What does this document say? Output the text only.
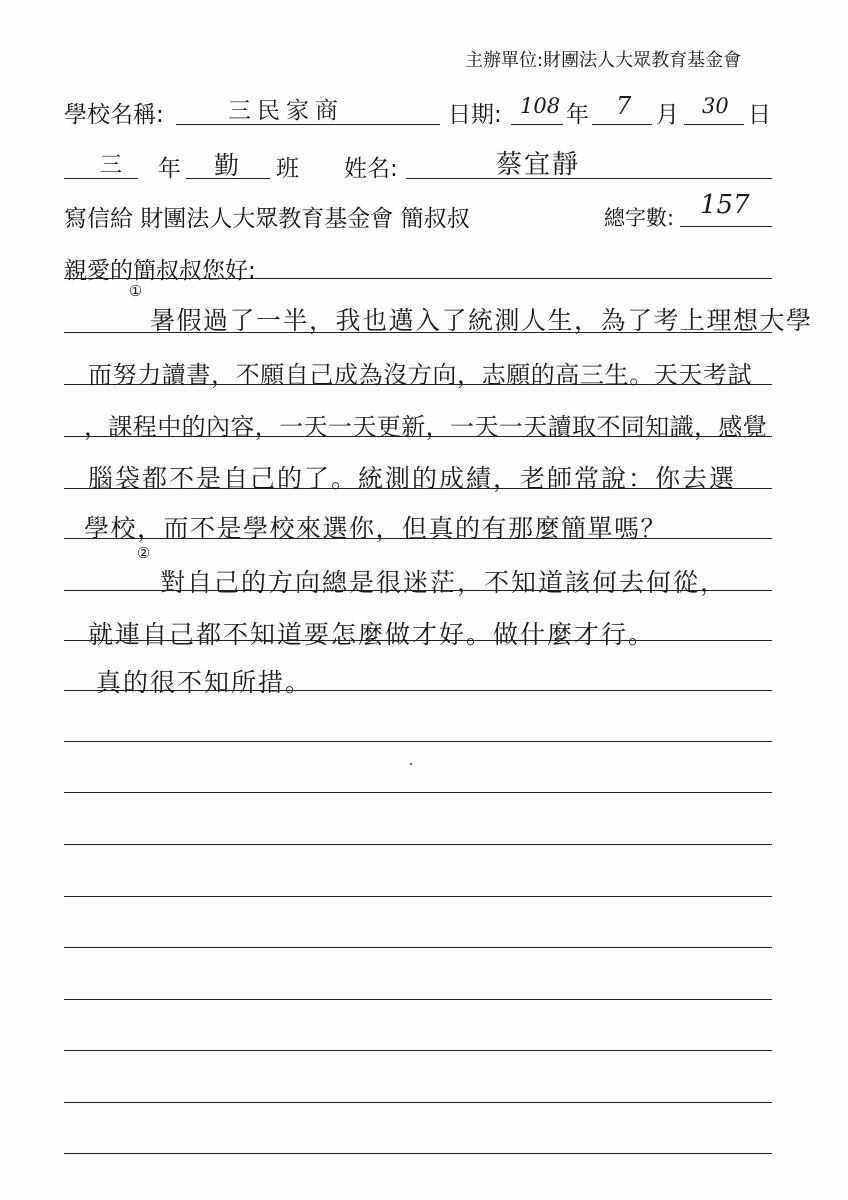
主辦單位:財團法人大眾教育基金會
學校名稱:	三民家商	日期: 108 年 7 月 30 日
三 年 勤 班 姓名:	蔡宜靜
寫信給 財團法人大眾教育基金會 簡叔叔	總字數: 157
親愛的簡叔叔您好:
①
②
暑假過了一半，我也邁入了統測人生，為了考上理想大學
而努力讀書，不願自己成為沒方向，志願的高三生。天天考試
，課程中的內容，一天一天更新，一天一天讀取不同知識，感覺
腦袋都不是自己的了。統測的成績，老師常說：你去選
學校，而不是學校來選你，但真的有那麼簡單嗎？
對自己的方向總是很迷茫，不知道該何去何從，
就連自己都不知道要怎麼做才好。做什麼才行。
真的很不知所措。
